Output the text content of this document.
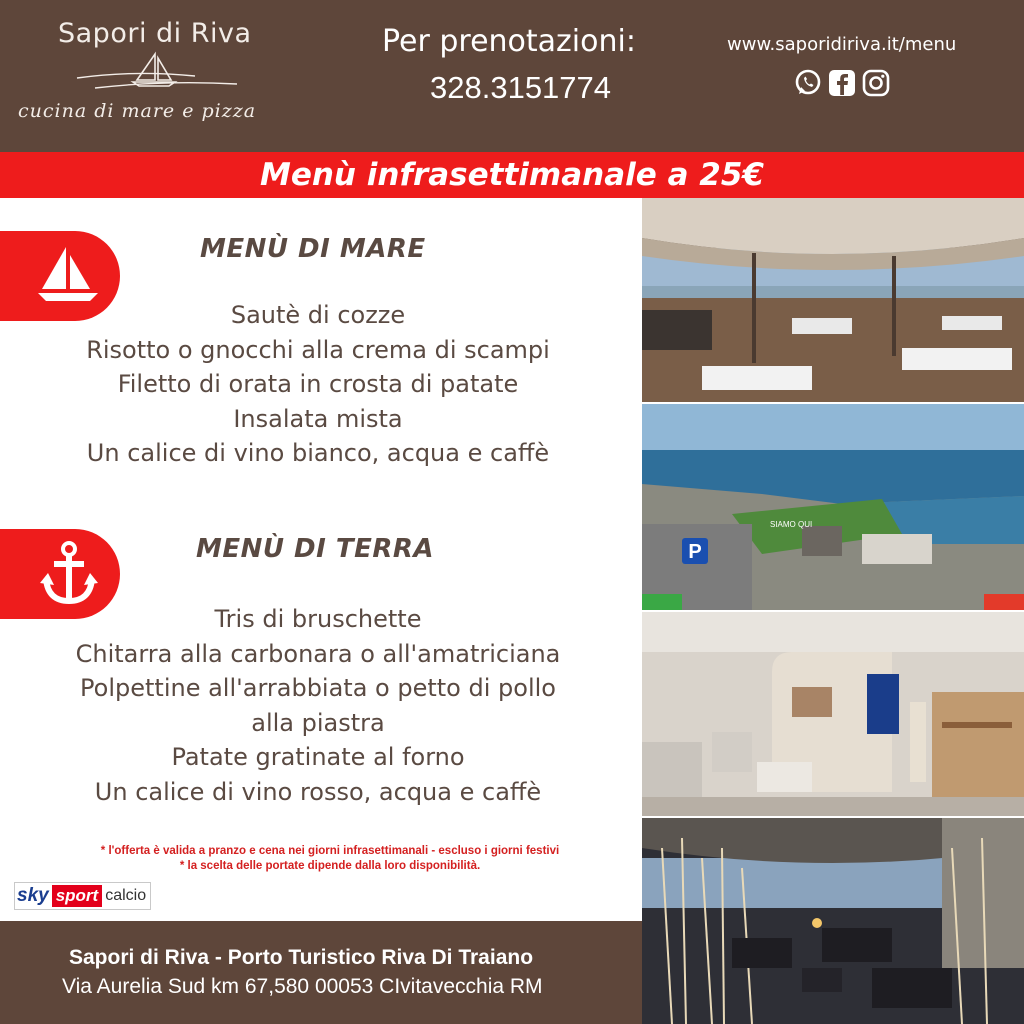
Sapori di Riva
cucina di mare e pizza
Per prenotazioni:
328.3151774
www.saporidiriva.it/menu
Menù infrasettimanale a 25€
MENÙ DI MARE
Sautè di cozze
Risotto o gnocchi alla crema di scampi
Filetto di orata in crosta di patate
Insalata mista
Un calice di vino bianco, acqua e caffè
MENÙ DI TERRA
Tris di bruschette
Chitarra alla carbonara o all'amatriciana
Polpettine all'arrabbiata o petto di pollo
alla piastra
Patate gratinate al forno
Un calice di vino rosso, acqua e caffè
* l'offerta è valida a pranzo e cena nei giorni infrasettimanali - escluso i giorni festivi
* la scelta delle portate dipende dalla loro disponibilità.
sky sport calcio
Sapori di Riva - Porto Turistico Riva Di Traiano
Via Aurelia Sud km 67,580 00053 CIvitavecchia RM
P
SIAMO QUI
